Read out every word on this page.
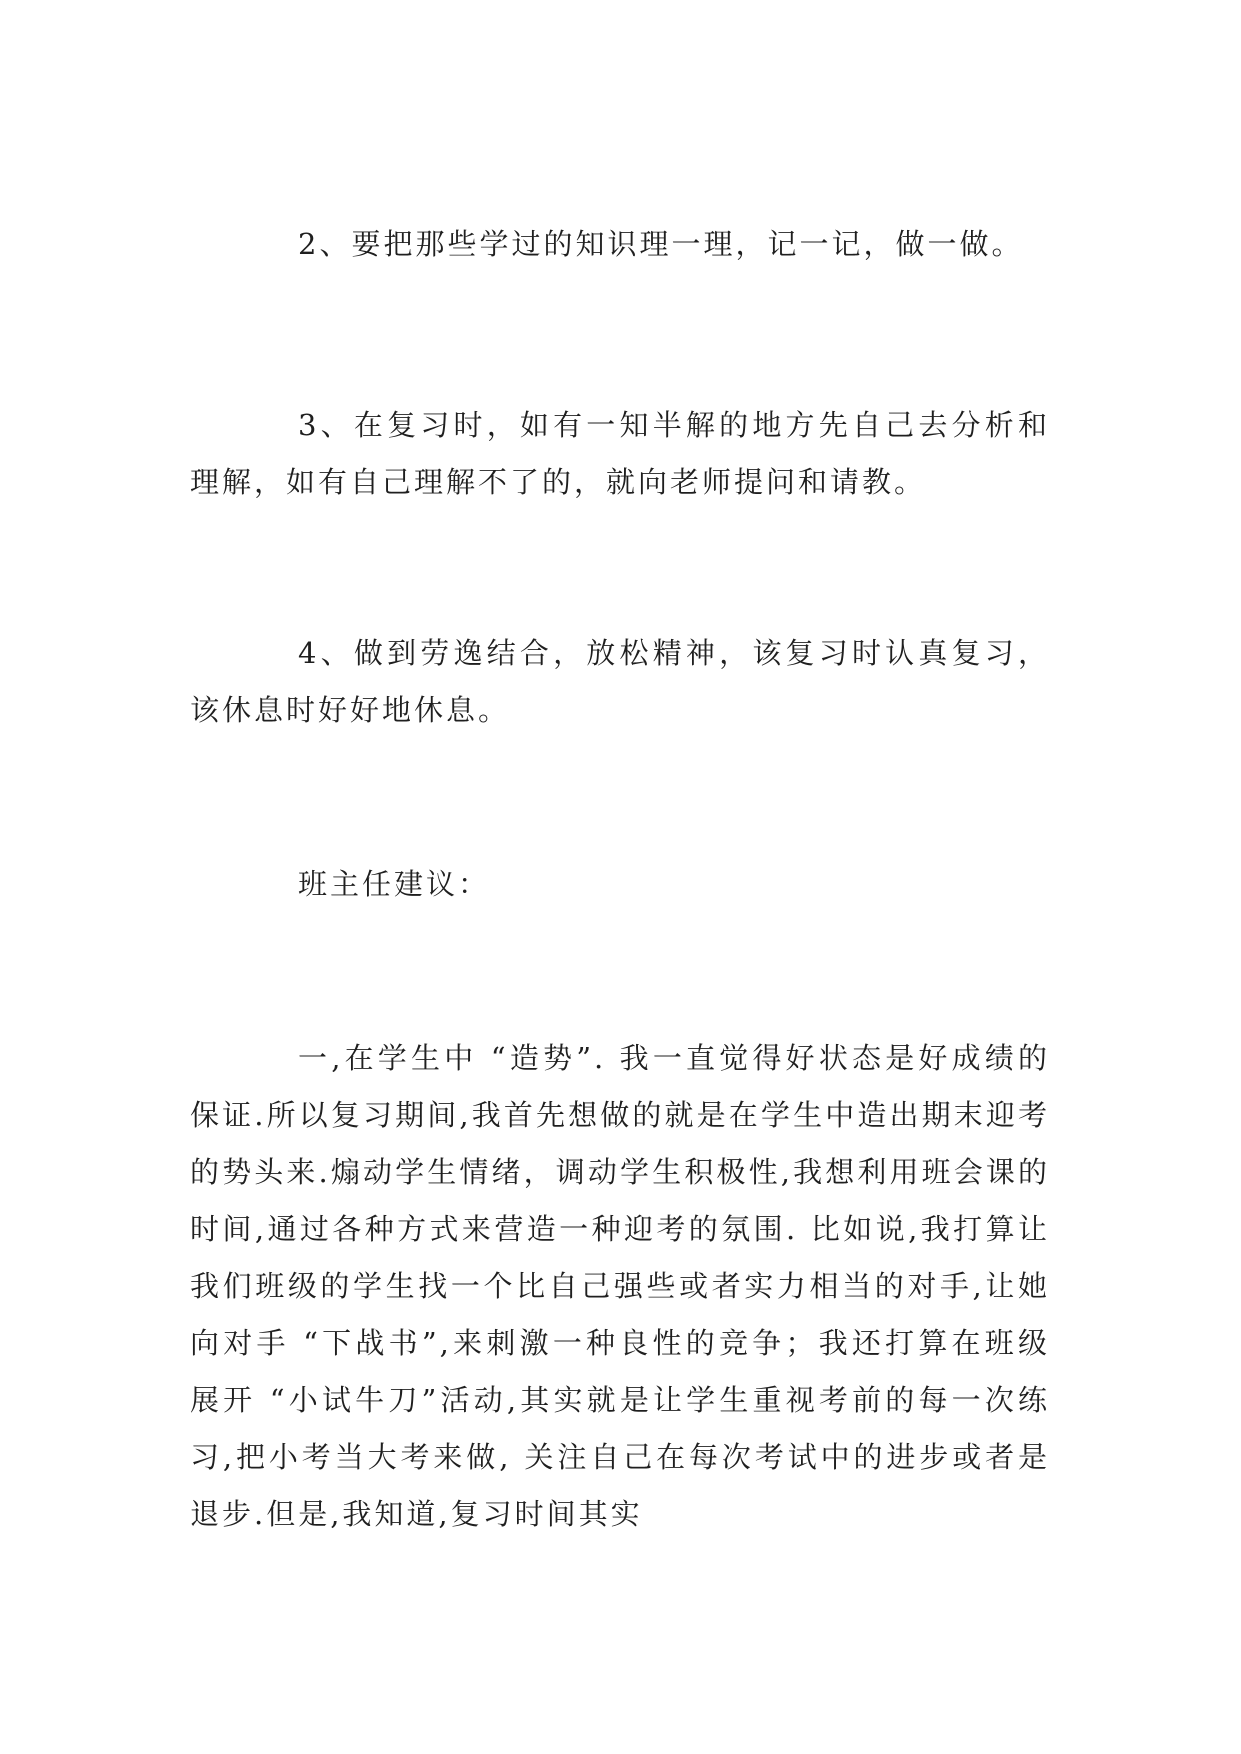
2、要把那些学过的知识理一理，记一记，做一做。

3、在复习时，如有一知半解的地方先自己去分析和理解，如有自己理解不了的，就向老师提问和请教。

4、做到劳逸结合，放松精神，该复习时认真复习，该休息时好好地休息。

班主任建议：

一,在学生中 “造势”. 我一直觉得好状态是好成绩的保证.所以复习期间,我首先想做的就是在学生中造出期末迎考的势头来.煽动学生情绪，调动学生积极性,我想利用班会课的时间,通过各种方式来营造一种迎考的氛围. 比如说,我打算让我们班级的学生找一个比自己强些或者实力相当的对手,让她向对手 “下战书”,来刺激一种良性的竞争；我还打算在班级展开 “小试牛刀”活动,其实就是让学生重视考前的每一次练习,把小考当大考来做, 关注自己在每次考试中的进步或者是退步.但是,我知道,复习时间其实
